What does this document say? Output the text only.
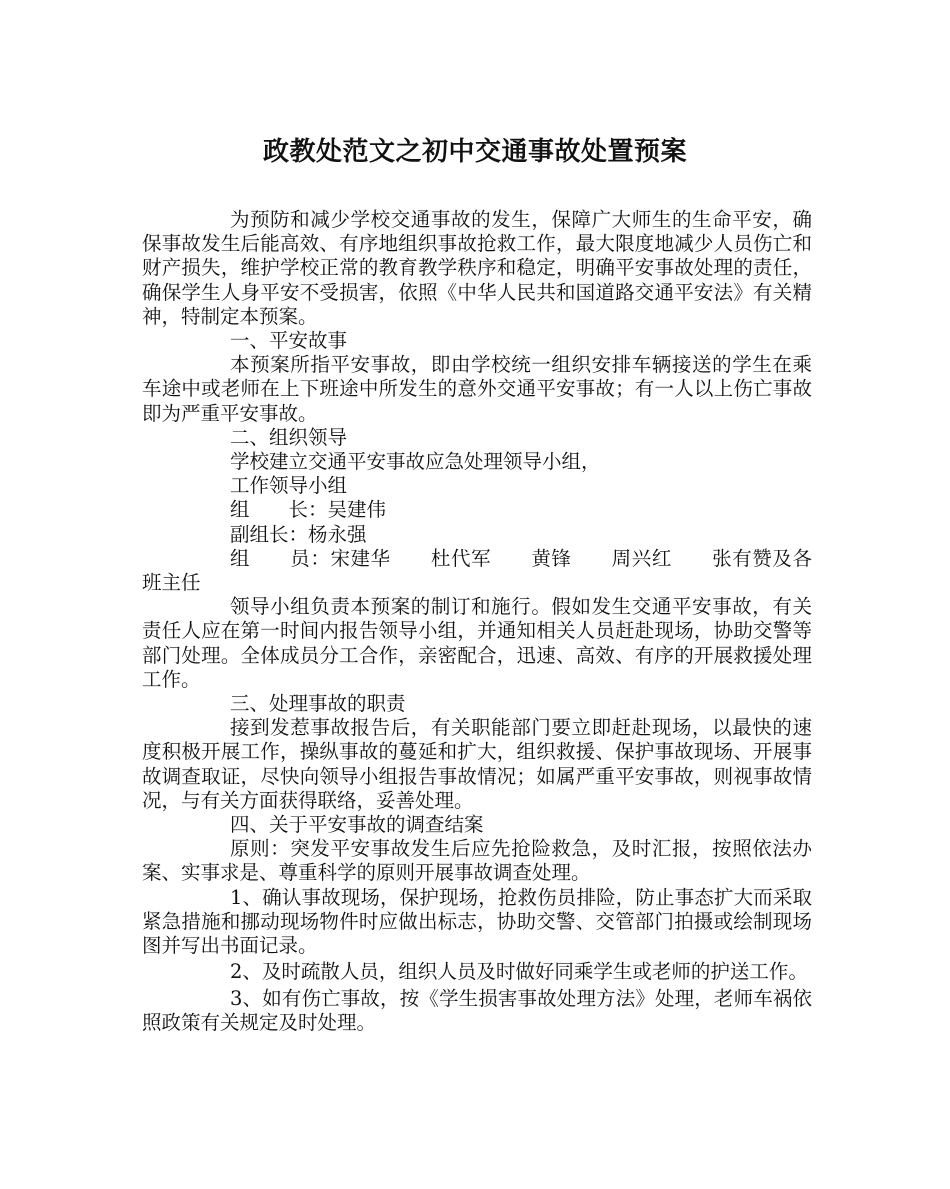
政教处范文之初中交通事故处置预案

为预防和减少学校交通事故的发生，保障广大师生的生命平安，确保事故发生后能高效、有序地组织事故抢救工作，最大限度地减少人员伤亡和财产损失，维护学校正常的教育教学秩序和稳定，明确平安事故处理的责任，确保学生人身平安不受损害，依照《中华人民共和国道路交通平安法》有关精神，特制定本预案。

一、平安故事

本预案所指平安事故，即由学校统一组织安排车辆接送的学生在乘车途中或老师在上下班途中所发生的意外交通平安事故；有一人以上伤亡事故即为严重平安事故。

二、组织领导

学校建立交通平安事故应急处理领导小组，

工作领导小组

组　　长：吴建伟

副组长：杨永强

组　　员：宋建华　　杜代军　　黄锋　　周兴红　　张有赞及各班主任

领导小组负责本预案的制订和施行。假如发生交通平安事故，有关责任人应在第一时间内报告领导小组，并通知相关人员赶赴现场，协助交警等部门处理。全体成员分工合作，亲密配合，迅速、高效、有序的开展救援处理工作。

三、处理事故的职责

接到发惹事故报告后，有关职能部门要立即赶赴现场，以最快的速度积极开展工作，操纵事故的蔓延和扩大，组织救援、保护事故现场、开展事故调查取证，尽快向领导小组报告事故情况；如属严重平安事故，则视事故情况，与有关方面获得联络，妥善处理。

四、关于平安事故的调查结案

原则：突发平安事故发生后应先抢险救急，及时汇报，按照依法办案、实事求是、尊重科学的原则开展事故调查处理。

1、确认事故现场，保护现场，抢救伤员排险，防止事态扩大而采取紧急措施和挪动现场物件时应做出标志，协助交警、交管部门拍摄或绘制现场图并写出书面记录。

2、及时疏散人员，组织人员及时做好同乘学生或老师的护送工作。

3、如有伤亡事故，按《学生损害事故处理方法》处理，老师车祸依照政策有关规定及时处理。
